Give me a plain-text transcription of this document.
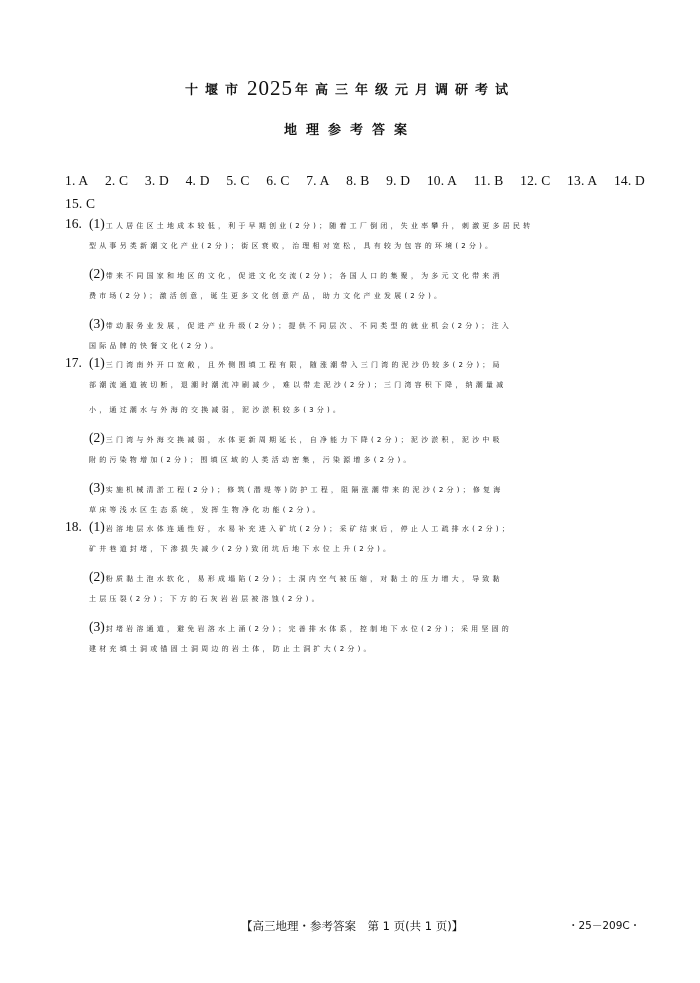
十堰市2025 年高三年级元月调研考试
地理参考答案
1. A 2. C 3. D 4. D 5. C 6. C 7. A 8. B 9. D 10. A 11. B 12. C 13. A 14. D
15. C
16. (1) 工人居住区土地成本较低，利于早期创业(2分)；随着工厂倒闭，失业率攀升，刺激更多居民转
型从事另类新潮文化产业(2分)；街区衰败，治理相对宽松，具有较为包容的环境(2分)。
(2) 带来不同国家和地区的文化，促进文化交流(2分)；各国人口的集聚，为多元文化带来消
费市场(2分)；激活创意，诞生更多文化创意产品，助力文化产业发展(2分)。
(3) 带动服务业发展，促进产业升级(2分)；提供不同层次、不同类型的就业机会(2分)；注入
国际品牌的快餐文化(2分)。
17. (1) 三门湾南外开口宽敞，且外侧围填工程有限，随涨潮带入三门湾的泥沙仍较多(2分)；局
部潮流通道被切断，退潮时潮流冲刷减少，难以带走泥沙(2分)；三门湾容积下降，纳潮量减
小，通过潮水与外海的交换减弱，泥沙淤积较多(3分)。
(2) 三门湾与外海交换减弱，水体更新周期延长，自净能力下降(2分)；泥沙淤积，泥沙中吸
附的污染物增加(2分)；围填区域的人类活动密集，污染源增多(2分)。
(3) 实施机械清淤工程(2分)；修筑(潜堤等)防护工程，阻隔涨潮带来的泥沙(2分)；修复海
草床等浅水区生态系统，发挥生物净化功能(2分)。
18. (1) 岩溶地层水体连通性好，水易补充进入矿坑(2分)；采矿结束后，停止人工疏排水(2分)；
矿井巷道封堵，下渗损失减少(2分)致闭坑后地下水位上升(2分)。
(2) 粉质黏土泡水软化，易形成塌陷(2分)；土洞内空气被压缩，对黏土的压力增大，导致黏
土层压裂(2分)；下方的石灰岩岩层被溶蚀(2分)。
(3) 封堵岩溶通道，避免岩溶水上涌(2分)；完善排水体系，控制地下水位(2分)；采用坚固的
建材充填土洞或锚固土洞周边的岩土体，防止土洞扩大(2分)。
【高三地理・参考答案　第 1 页(共 1 页)】	・25－209C・
